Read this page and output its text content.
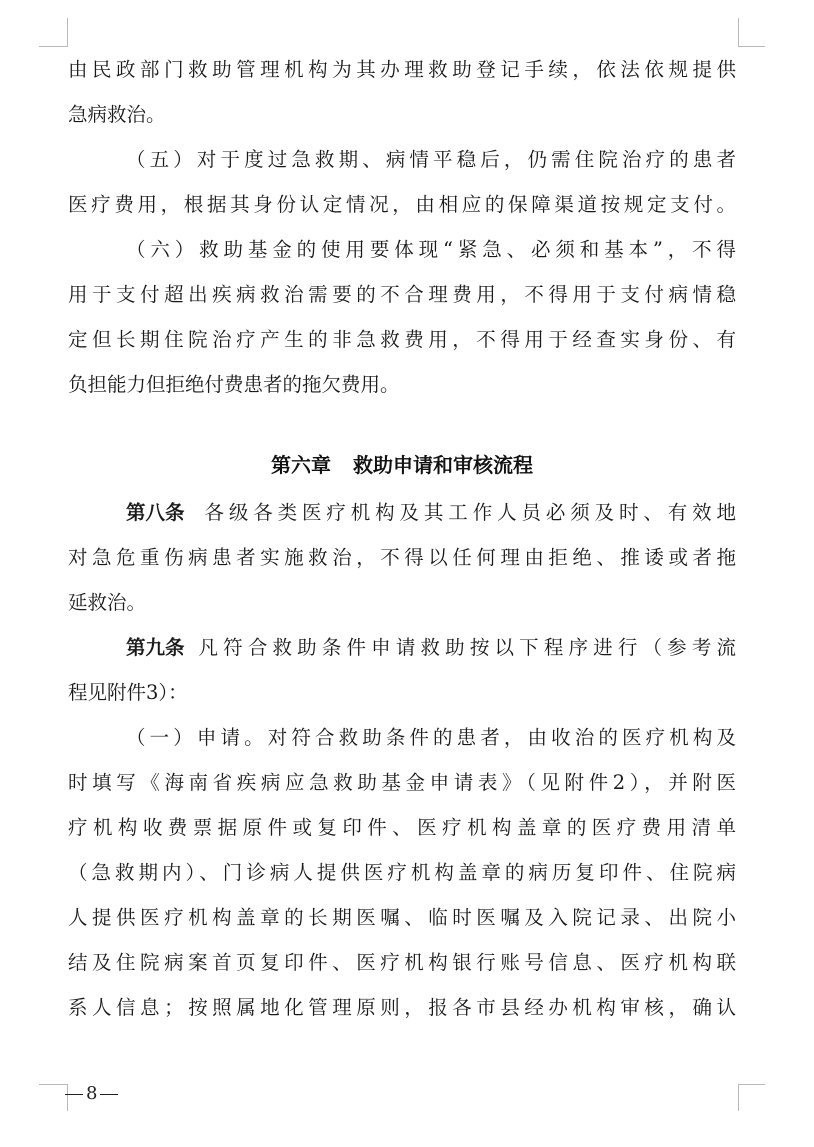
由民政部门救助管理机构为其办理救助登记手续，依法依规提供
急病救治。
（五）对于度过急救期、病情平稳后，仍需住院治疗的患者
医疗费用，根据其身份认定情况，由相应的保障渠道按规定支付。
（六）救助基金的使用要体现“紧急、必须和基本”，不得
用于支付超出疾病救治需要的不合理费用，不得用于支付病情稳
定但长期住院治疗产生的非急救费用，不得用于经查实身份、有
负担能力但拒绝付费患者的拖欠费用。
第六章 救助申请和审核流程
第八条 各级各类医疗机构及其工作人员必须及时、有效地
对急危重伤病患者实施救治，不得以任何理由拒绝、推诿或者拖
延救治。
第九条 凡符合救助条件申请救助按以下程序进行（参考流
程见附件3）：
（一）申请。对符合救助条件的患者，由收治的医疗机构及
时填写《海南省疾病应急救助基金申请表》（见附件2），并附医
疗机构收费票据原件或复印件、医疗机构盖章的医疗费用清单
（急救期内）、门诊病人提供医疗机构盖章的病历复印件、住院病
人提供医疗机构盖章的长期医嘱、临时医嘱及入院记录、出院小
结及住院病案首页复印件、医疗机构银行账号信息、医疗机构联
系人信息；按照属地化管理原则，报各市县经办机构审核，确认
8
